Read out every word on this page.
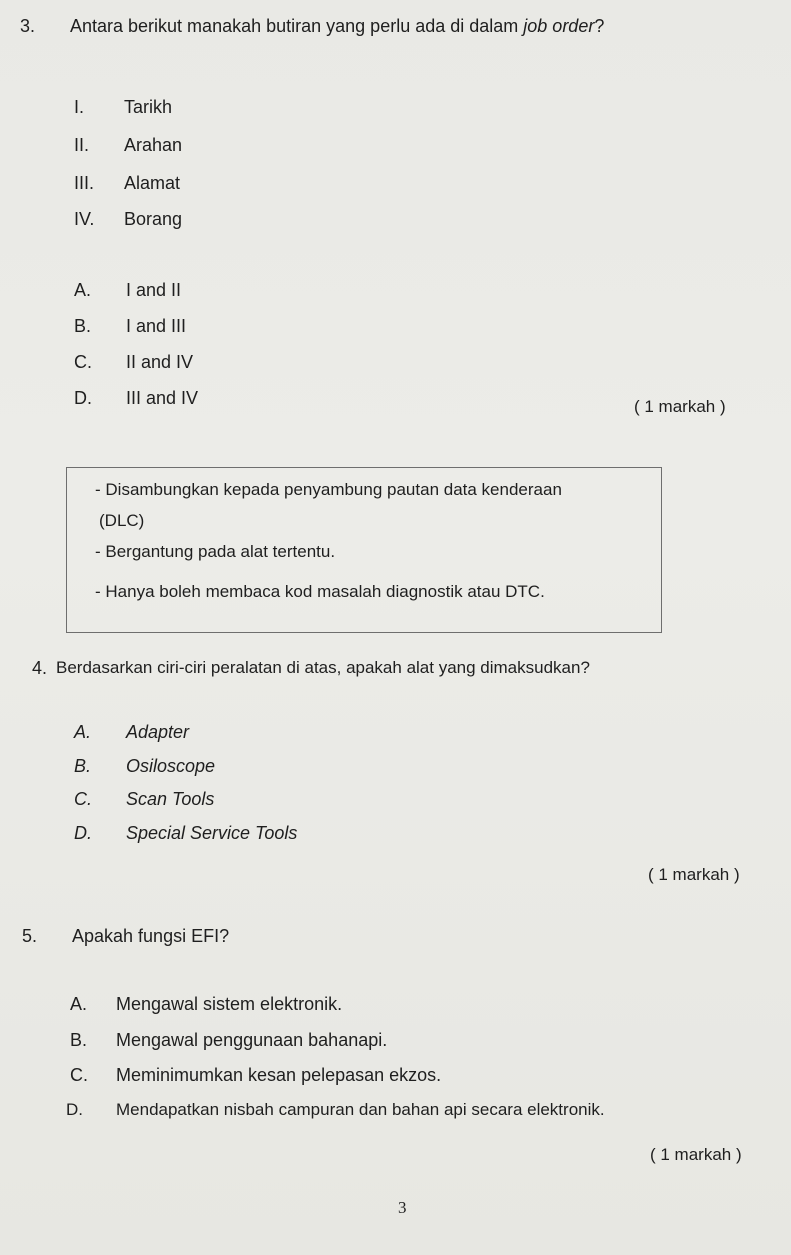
3. Antara berikut manakah butiran yang perlu ada di dalam job order?
I. Tarikh
II. Arahan
III. Alamat
IV. Borang
A. I and II
B. I and III
C. II and IV
D. III and IV	( 1 markah )
- Disambungkan kepada penyambung pautan data kenderaan
(DLC)
- Bergantung pada alat tertentu.
- Hanya boleh membaca kod masalah diagnostik atau DTC.
4. Berdasarkan ciri-ciri peralatan di atas, apakah alat yang dimaksudkan?
A. Adapter
B. Osiloscope
C. Scan Tools
D. Special Service Tools
( 1 markah )
5. Apakah fungsi EFI?
A. Mengawal sistem elektronik.
B. Mengawal penggunaan bahanapi.
C. Meminimumkan kesan pelepasan ekzos.
D. Mendapatkan nisbah campuran dan bahan api secara elektronik.
( 1 markah )
3
